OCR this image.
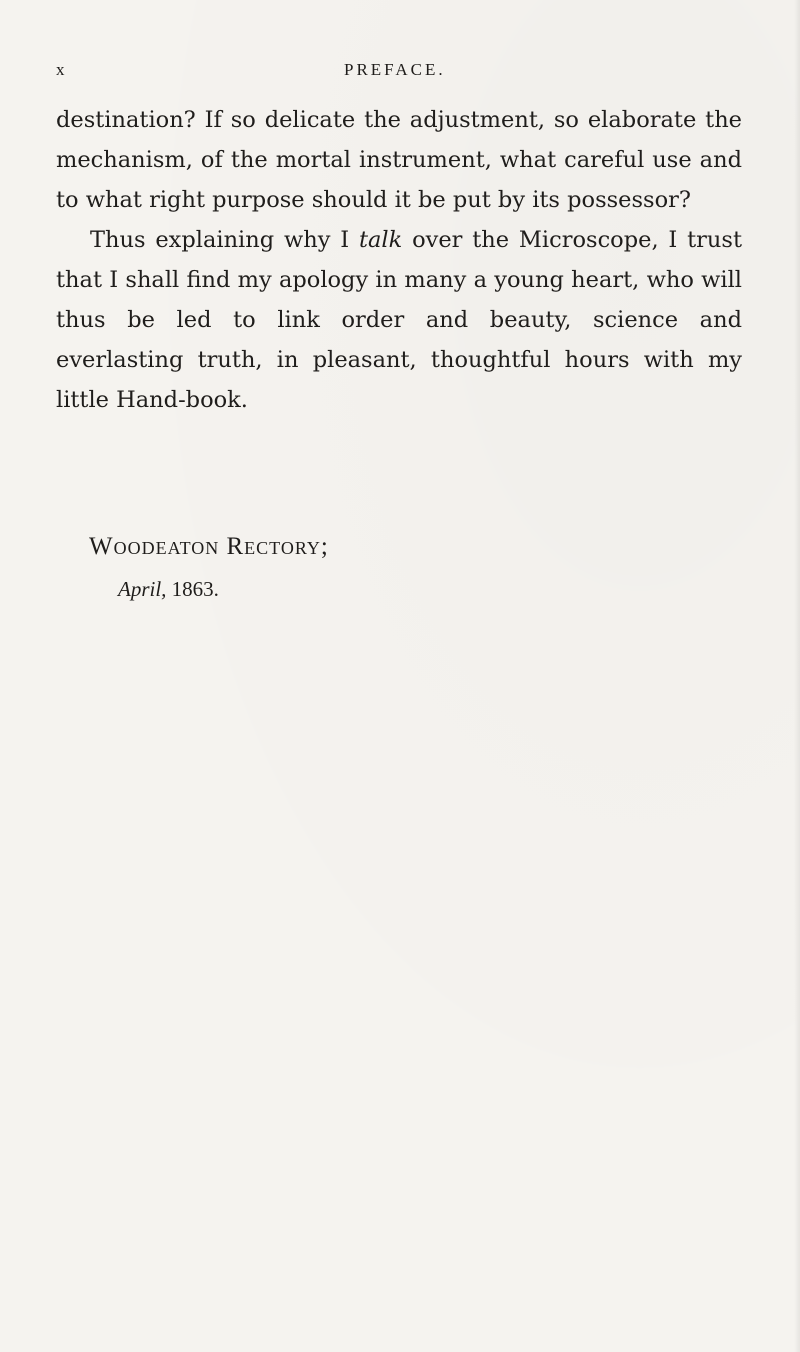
x	PREFACE.

destination? If so delicate the adjustment, so elaborate the mechanism, of the mortal instrument, what careful use and to what right purpose should it be put by its possessor?

Thus explaining why I talk over the Microscope, I trust that I shall find my apology in many a young heart, who will thus be led to link order and beauty, science and everlasting truth, in pleasant, thoughtful hours with my little Hand-book.

Woodeaton Rectory;
April, 1863.
